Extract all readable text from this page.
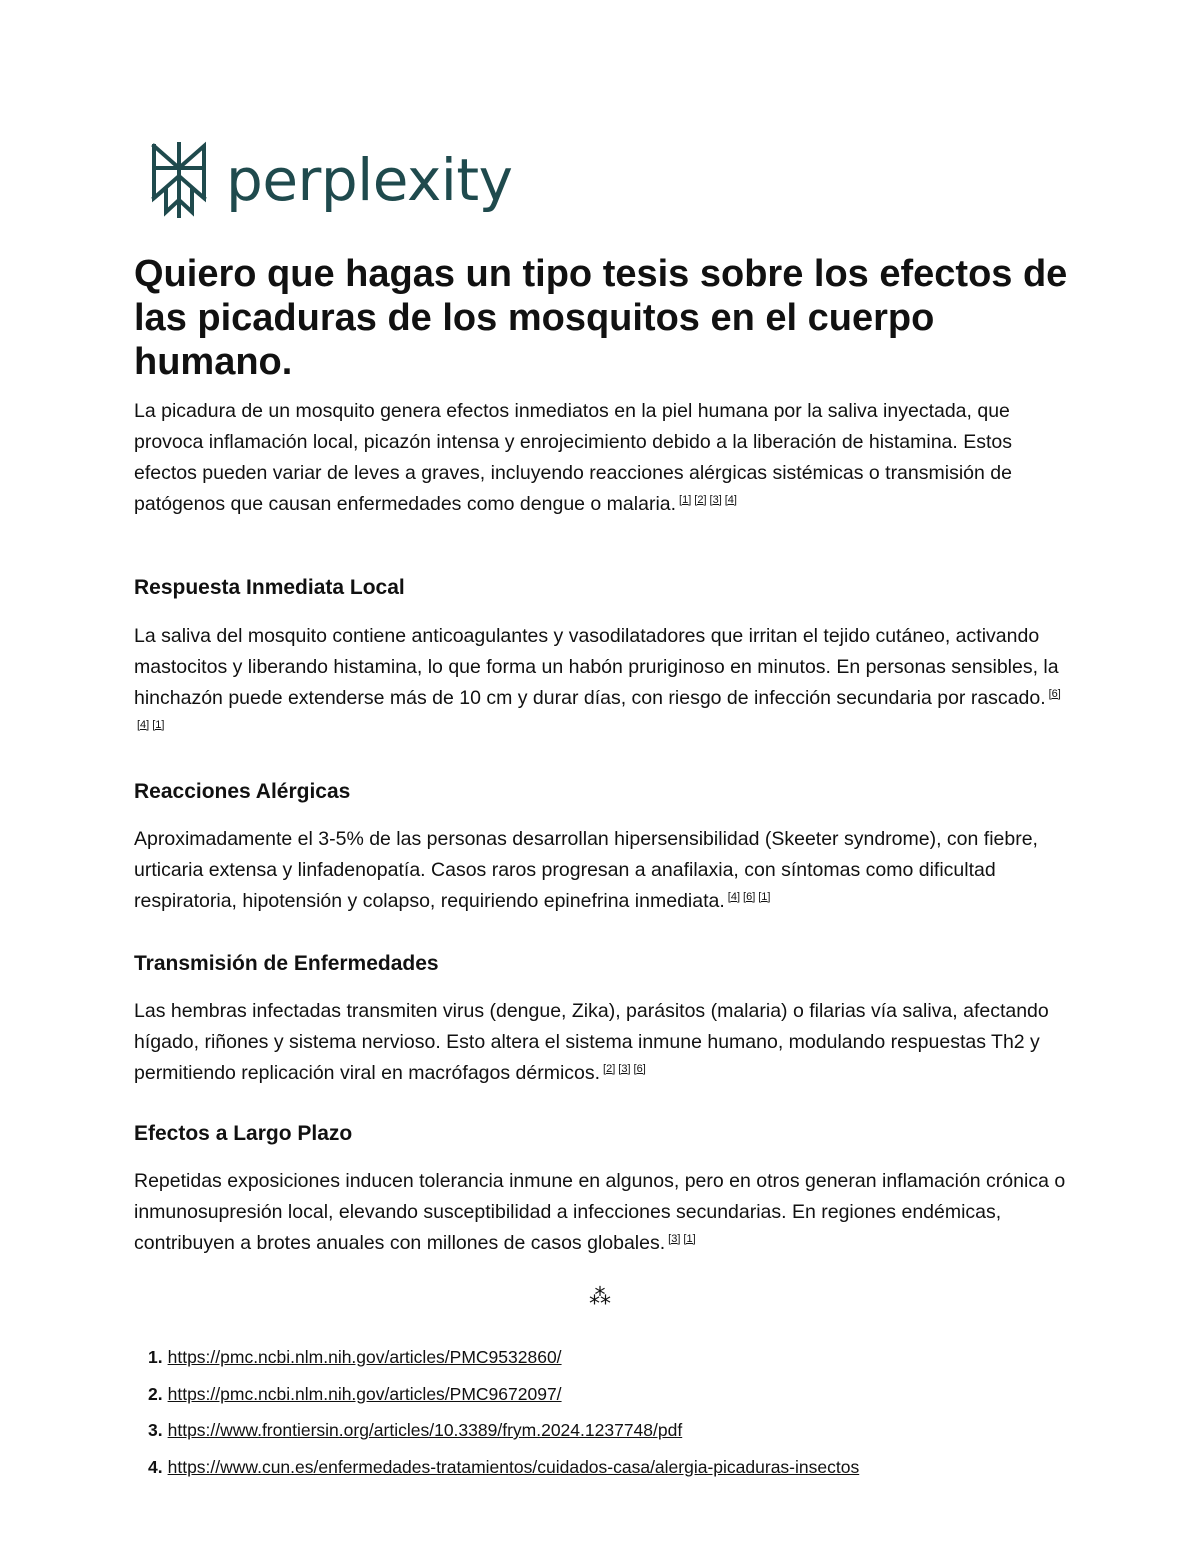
perplexity
Quiero que hagas un tipo tesis sobre los efectos de las picaduras de los mosquitos en el cuerpo humano.

La picadura de un mosquito genera efectos inmediatos en la piel humana por la saliva inyectada, que provoca inflamación local, picazón intensa y enrojecimiento debido a la liberación de histamina. Estos efectos pueden variar de leves a graves, incluyendo reacciones alérgicas sistémicas o transmisión de patógenos que causan enfermedades como dengue o malaria. [1] [2] [3] [4]

Respuesta Inmediata Local

La saliva del mosquito contiene anticoagulantes y vasodilatadores que irritan el tejido cutáneo, activando mastocitos y liberando histamina, lo que forma un habón pruriginoso en minutos. En personas sensibles, la hinchazón puede extenderse más de 10 cm y durar días, con riesgo de infección secundaria por rascado. [6][4] [1]

Reacciones Alérgicas

Aproximadamente el 3-5% de las personas desarrollan hipersensibilidad (Skeeter syndrome), con fiebre, urticaria extensa y linfadenopatía. Casos raros progresan a anafilaxia, con síntomas como dificultad respiratoria, hipotensión y colapso, requiriendo epinefrina inmediata. [4] [6] [1]

Transmisión de Enfermedades

Las hembras infectadas transmiten virus (dengue, Zika), parásitos (malaria) o filarias vía saliva, afectando hígado, riñones y sistema nervioso. Esto altera el sistema inmune humano, modulando respuestas Th2 y permitiendo replicación viral en macrófagos dérmicos. [2] [3] [6]

Efectos a Largo Plazo

Repetidas exposiciones inducen tolerancia inmune en algunos, pero en otros generan inflamación crónica o inmunosupresión local, elevando susceptibilidad a infecciones secundarias. En regiones endémicas, contribuyen a brotes anuales con millones de casos globales. [3] [1]

⁂
1. https://pmc.ncbi.nlm.nih.gov/articles/PMC9532860/
2. https://pmc.ncbi.nlm.nih.gov/articles/PMC9672097/
3. https://www.frontiersin.org/articles/10.3389/frym.2024.1237748/pdf
4. https://www.cun.es/enfermedades-tratamientos/cuidados-casa/alergia-picaduras-insectos
